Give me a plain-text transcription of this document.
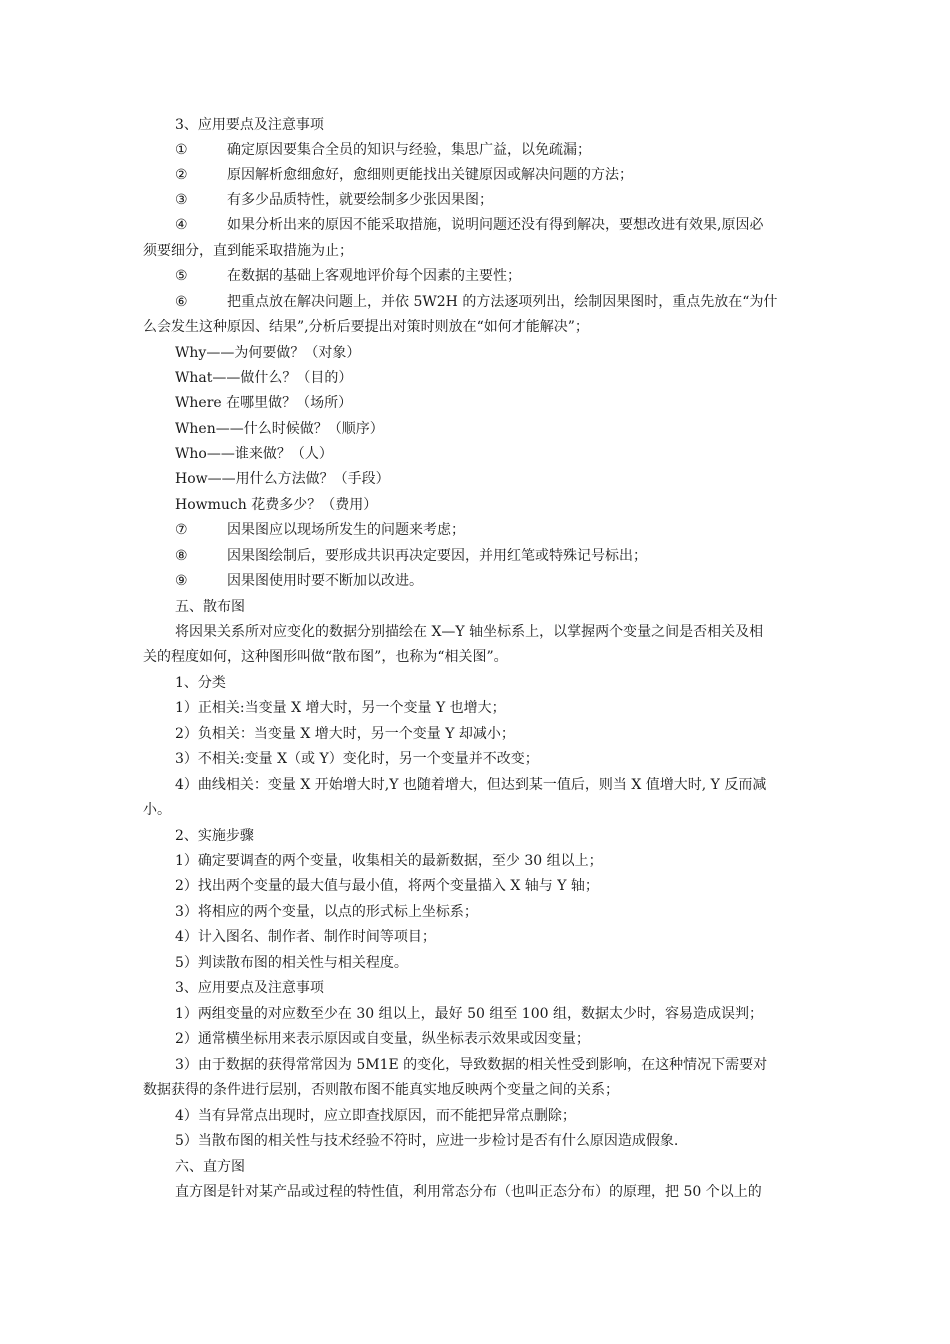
3、应用要点及注意事项
①	确定原因要集合全员的知识与经验，集思广益，以免疏漏；
②	原因解析愈细愈好，愈细则更能找出关键原因或解决问题的方法；
③	有多少品质特性，就要绘制多少张因果图；
④	如果分析出来的原因不能采取措施，说明问题还没有得到解决，要想改进有效果,原因必
须要细分，直到能采取措施为止；
⑤	在数据的基础上客观地评价每个因素的主要性；
⑥	把重点放在解决问题上，并依 5W2H 的方法逐项列出，绘制因果图时，重点先放在“为什
么会发生这种原因、结果”,分析后要提出对策时则放在“如何才能解决”；
Why——为何要做？（对象）
What——做什么？（目的）
Where 在哪里做？（场所）
When——什么时候做？（顺序）
Who——谁来做？（人）
How——用什么方法做？（手段）
Howmuch 花费多少？（费用）
⑦	因果图应以现场所发生的问题来考虑；
⑧	因果图绘制后，要形成共识再决定要因，并用红笔或特殊记号标出；
⑨	因果图使用时要不断加以改进。
五、散布图
将因果关系所对应变化的数据分别描绘在 X—Y 轴坐标系上，以掌握两个变量之间是否相关及相
关的程度如何，这种图形叫做“散布图”，也称为“相关图”。
1、分类
1）正相关:当变量 X 增大时，另一个变量 Y 也增大；
2）负相关：当变量 X 增大时，另一个变量 Y 却减小；
3）不相关:变量 X（或 Y）变化时，另一个变量并不改变；
4）曲线相关：变量 X 开始增大时,Y 也随着增大，但达到某一值后，则当 X 值增大时, Y 反而减
小。
2、实施步骤
1）确定要调查的两个变量，收集相关的最新数据，至少 30 组以上；
2）找出两个变量的最大值与最小值，将两个变量描入 X 轴与 Y 轴；
3）将相应的两个变量，以点的形式标上坐标系；
4）计入图名、制作者、制作时间等项目；
5）判读散布图的相关性与相关程度。
3、应用要点及注意事项
1）两组变量的对应数至少在 30 组以上，最好 50 组至 100 组，数据太少时，容易造成误判；
2）通常横坐标用来表示原因或自变量，纵坐标表示效果或因变量；
3）由于数据的获得常常因为 5M1E 的变化，导致数据的相关性受到影响，在这种情况下需要对
数据获得的条件进行层别，否则散布图不能真实地反映两个变量之间的关系；
4）当有异常点出现时，应立即查找原因，而不能把异常点删除；
5）当散布图的相关性与技术经验不符时，应进一步检讨是否有什么原因造成假象.
六、直方图
直方图是针对某产品或过程的特性值，利用常态分布（也叫正态分布）的原理，把 50 个以上的
